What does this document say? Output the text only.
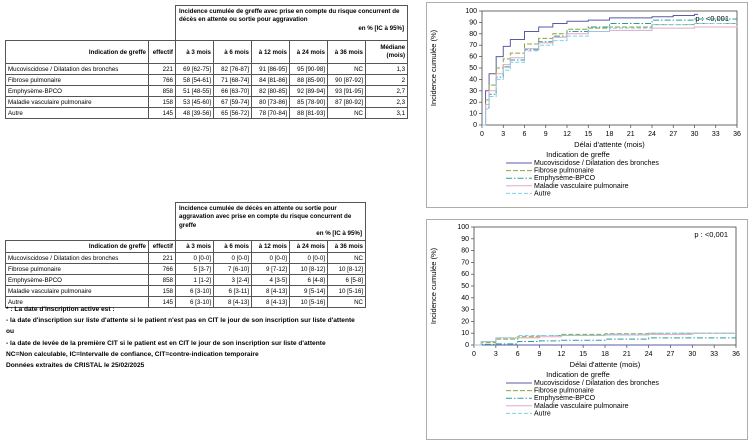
		Incidence cumulée de greffe avec prise en compte du risque concurrent de décès en attente ou sortie pour aggravation

en % [IC à 95%]					

Indication de greffe	effectif	à 3 mois	à 6 mois	à 12 mois	à 24 mois	à 36 mois	Médiane (mois)
Mucoviscidose / Dilatation des bronches	221	69 [62-75]	82 [76-87]	91 [86-95]	95 [90-98]	NC	1,3
Fibrose pulmonaire	766	58 [54-61]	71 [68-74]	84 [81-86]	88 [85-90]	90 [87-92]	2
Emphysème-BPCO	858	51 [48-55]	66 [63-70]	82 [80-85]	92 [89-94]	93 [91-95]	2,7
Maladie vasculaire pulmonaire	158	53 [45-60]	67 [59-74]	80 [73-86]	85 [78-90]	87 [80-92]	2,3
Autre	145	48 [39-56]	65 [56-72]	78 [70-84]	88 [81-93]	NC	3,1
		Incidence cumulée de décès en attente ou sortie pour aggravation avec prise en compte du risque concurrent de greffe

en % [IC à 95%]				

Indication de greffe	effectif	à 3 mois	à 6 mois	à 12 mois	à 24 mois	à 36 mois
Mucoviscidose / Dilatation des bronches	221	0 [0-0]	0 [0-0]	0 [0-0]	0 [0-0]	NC
Fibrose pulmonaire	766	5 [3-7]	7 [6-10]	9 [7-12]	10 [8-12]	10 [8-12]
Emphysème-BPCO	858	1 [1-2]	3 [2-4]	4 [3-5]	6 [4-8]	6 [5-8]
Maladie vasculaire pulmonaire	158	6 [3-10]	6 [3-11]	8 [4-13]	9 [5-14]	10 [5-16]
Autre	145	6 [3-10]	8 [4-13]	8 [4-13]	10 [5-16]	NC
* : La date d'inscription active est :
- la date d'inscription sur liste d'attente si le patient n'est pas en CIT le jour de son inscription sur liste d'attente
ou
- la date de levée de la première CIT si le patient est en CIT le jour de son inscription sur liste d'attente
NC=Non calculable, IC=Intervalle de confiance, CIT=contre-indication temporaire
Données extraites de CRISTAL le 25/02/2025
0
10
20
30
40
50
60
70
80
90
100
0 3 6 9 12 15 18 21 24 27 30 33 36
Délai d'attente (mois)
Incidence cumulée (%)
p : <0,001
Indication de greffe
Mucoviscidose / Dilatation des bronches
Fibrose pulmonaire
Emphysème-BPCO
Maladie vasculaire pulmonaire
Autre
0
10
20
30
40
50
60
70
80
90
100
0	3	6	9 12 15 18 21 24 27 30 33 36
Délai d'attente (mois)
Incidence cumulée (%)
p : <0,001
Indication de greffe
Mucoviscidose / Dilatation des bronches
Fibrose pulmonaire
Emphysème-BPCO
Maladie vasculaire pulmonaire
Autre
